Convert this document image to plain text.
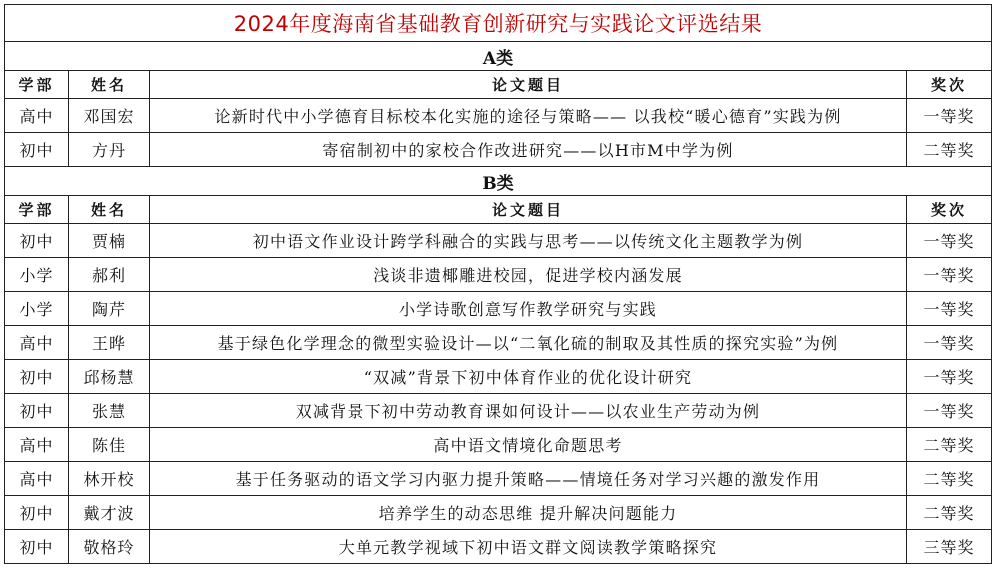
2024年度海南省基础教育创新研究与实践论文评选结果			
A类			
学部	姓名	论文题目	奖次
高中	邓国宏	论新时代中小学德育目标校本化实施的途径与策略—— 以我校“暖心德育”实践为例	一等奖
初中	方丹	寄宿制初中的家校合作改进研究——以H市M中学为例	二等奖
B类			
学部	姓名	论文题目	奖次
初中	贾楠	初中语文作业设计跨学科融合的实践与思考——以传统文化主题教学为例	一等奖
小学	郝利	浅谈非遗椰雕进校园，促进学校内涵发展	一等奖
小学	陶芹	小学诗歌创意写作教学研究与实践	一等奖
高中	王晔	基于绿色化学理念的微型实验设计—以“二氧化硫的制取及其性质的探究实验”为例	一等奖
初中	邱杨慧	“双减”背景下初中体育作业的优化设计研究	一等奖
初中	张慧	双减背景下初中劳动教育课如何设计——以农业生产劳动为例	一等奖
高中	陈佳	高中语文情境化命题思考	二等奖
高中	林开校	基于任务驱动的语文学习内驱力提升策略——情境任务对学习兴趣的激发作用	二等奖
初中	戴才波	培养学生的动态思维 提升解决问题能力	二等奖
初中	敬格玲	大单元教学视域下初中语文群文阅读教学策略探究	三等奖
